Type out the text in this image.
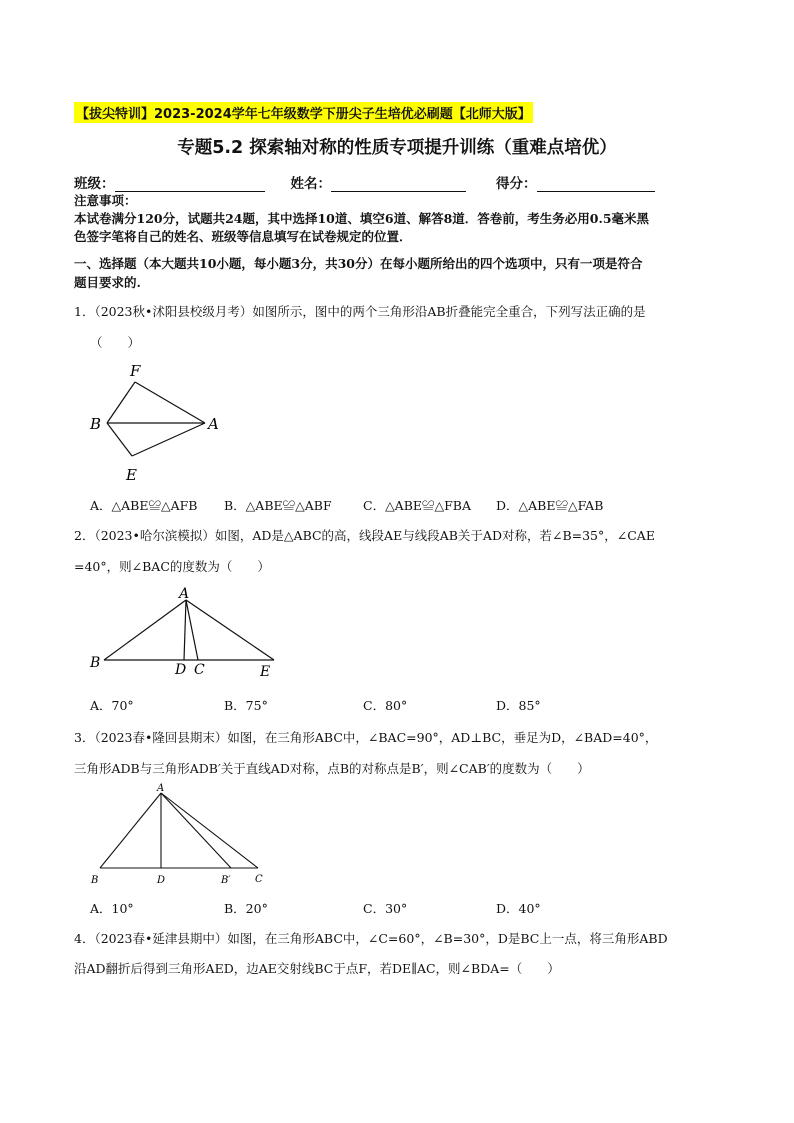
【拔尖特训】2023-2024学年七年级数学下册尖子生培优必刷题【北师大版】
专题5.2 探索轴对称的性质专项提升训练（重难点培优）
班级：	姓名：	得分：
注意事项：
本试卷满分120分，试题共24题，其中选择10道、填空6道、解答8道．答卷前，考生务必用0.5毫米黑
色签字笔将自己的姓名、班级等信息填写在试卷规定的位置．
一、选择题（本大题共10小题，每小题3分，共30分）在每小题所给出的四个选项中，只有一项是符合
题目要求的.
1．（2023秋•沭阳县校级月考）如图所示，图中的两个三角形沿AB折叠能完全重合，下列写法正确的是
（　　）
F
B	A
E
A．△ABE≌△AFB B．△ABE≌△ABF	C．△ABE≌△FBA D．△ABE≌△FAB
2．（2023•哈尔滨模拟）如图，AD是△ABC的高，线段AE与线段AB关于AD对称，若∠B=35°，∠CAE
=40°，则∠BAC的度数为（　　）
A
B	D C	E
A．70°	B．75°	C．80°	D．85°
3．（2023春•隆回县期末）如图，在三角形ABC中，∠BAC=90°，AD⊥BC，垂足为D，∠BAD=40°，
三角形ADB与三角形ADB′关于直线AD对称，点B的对称点是B′，则∠CAB′的度数为（　　）
A
B	D	B′ C
A．10°	B．20°	C．30°	D．40°
4．（2023春•延津县期中）如图，在三角形ABC中，∠C=60°，∠B=30°，D是BC上一点，将三角形ABD
沿AD翻折后得到三角形AED，边AE交射线BC于点F，若DE∥AC，则∠BDA=（　　）
